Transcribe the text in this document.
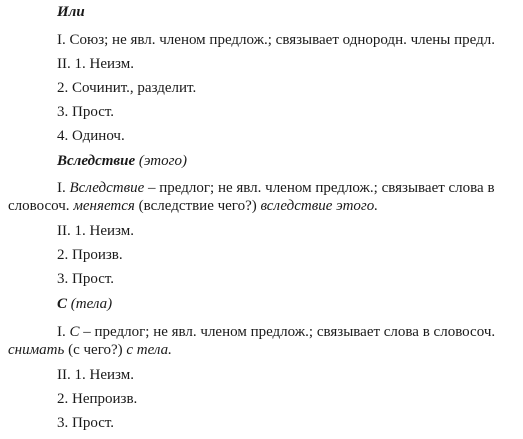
Или
I. Союз; не явл. членом предлож.; связывает однородн. члены предл.
II. 1. Неизм.
2. Сочинит., разделит.
3. Прост.
4. Одиноч.
Вследствие (этого)
I. Вследствие – предлог; не явл. членом предлож.; связывает слова в
словосоч. меняется (вследствие чего?) вследствие этого.
II. 1. Неизм.
2. Произв.
3. Прост.
С (тела)
I. С – предлог; не явл. членом предлож.; связывает слова в словосоч.
снимать (с чего?) с тела.
II. 1. Неизм.
2. Непроизв.
3. Прост.
